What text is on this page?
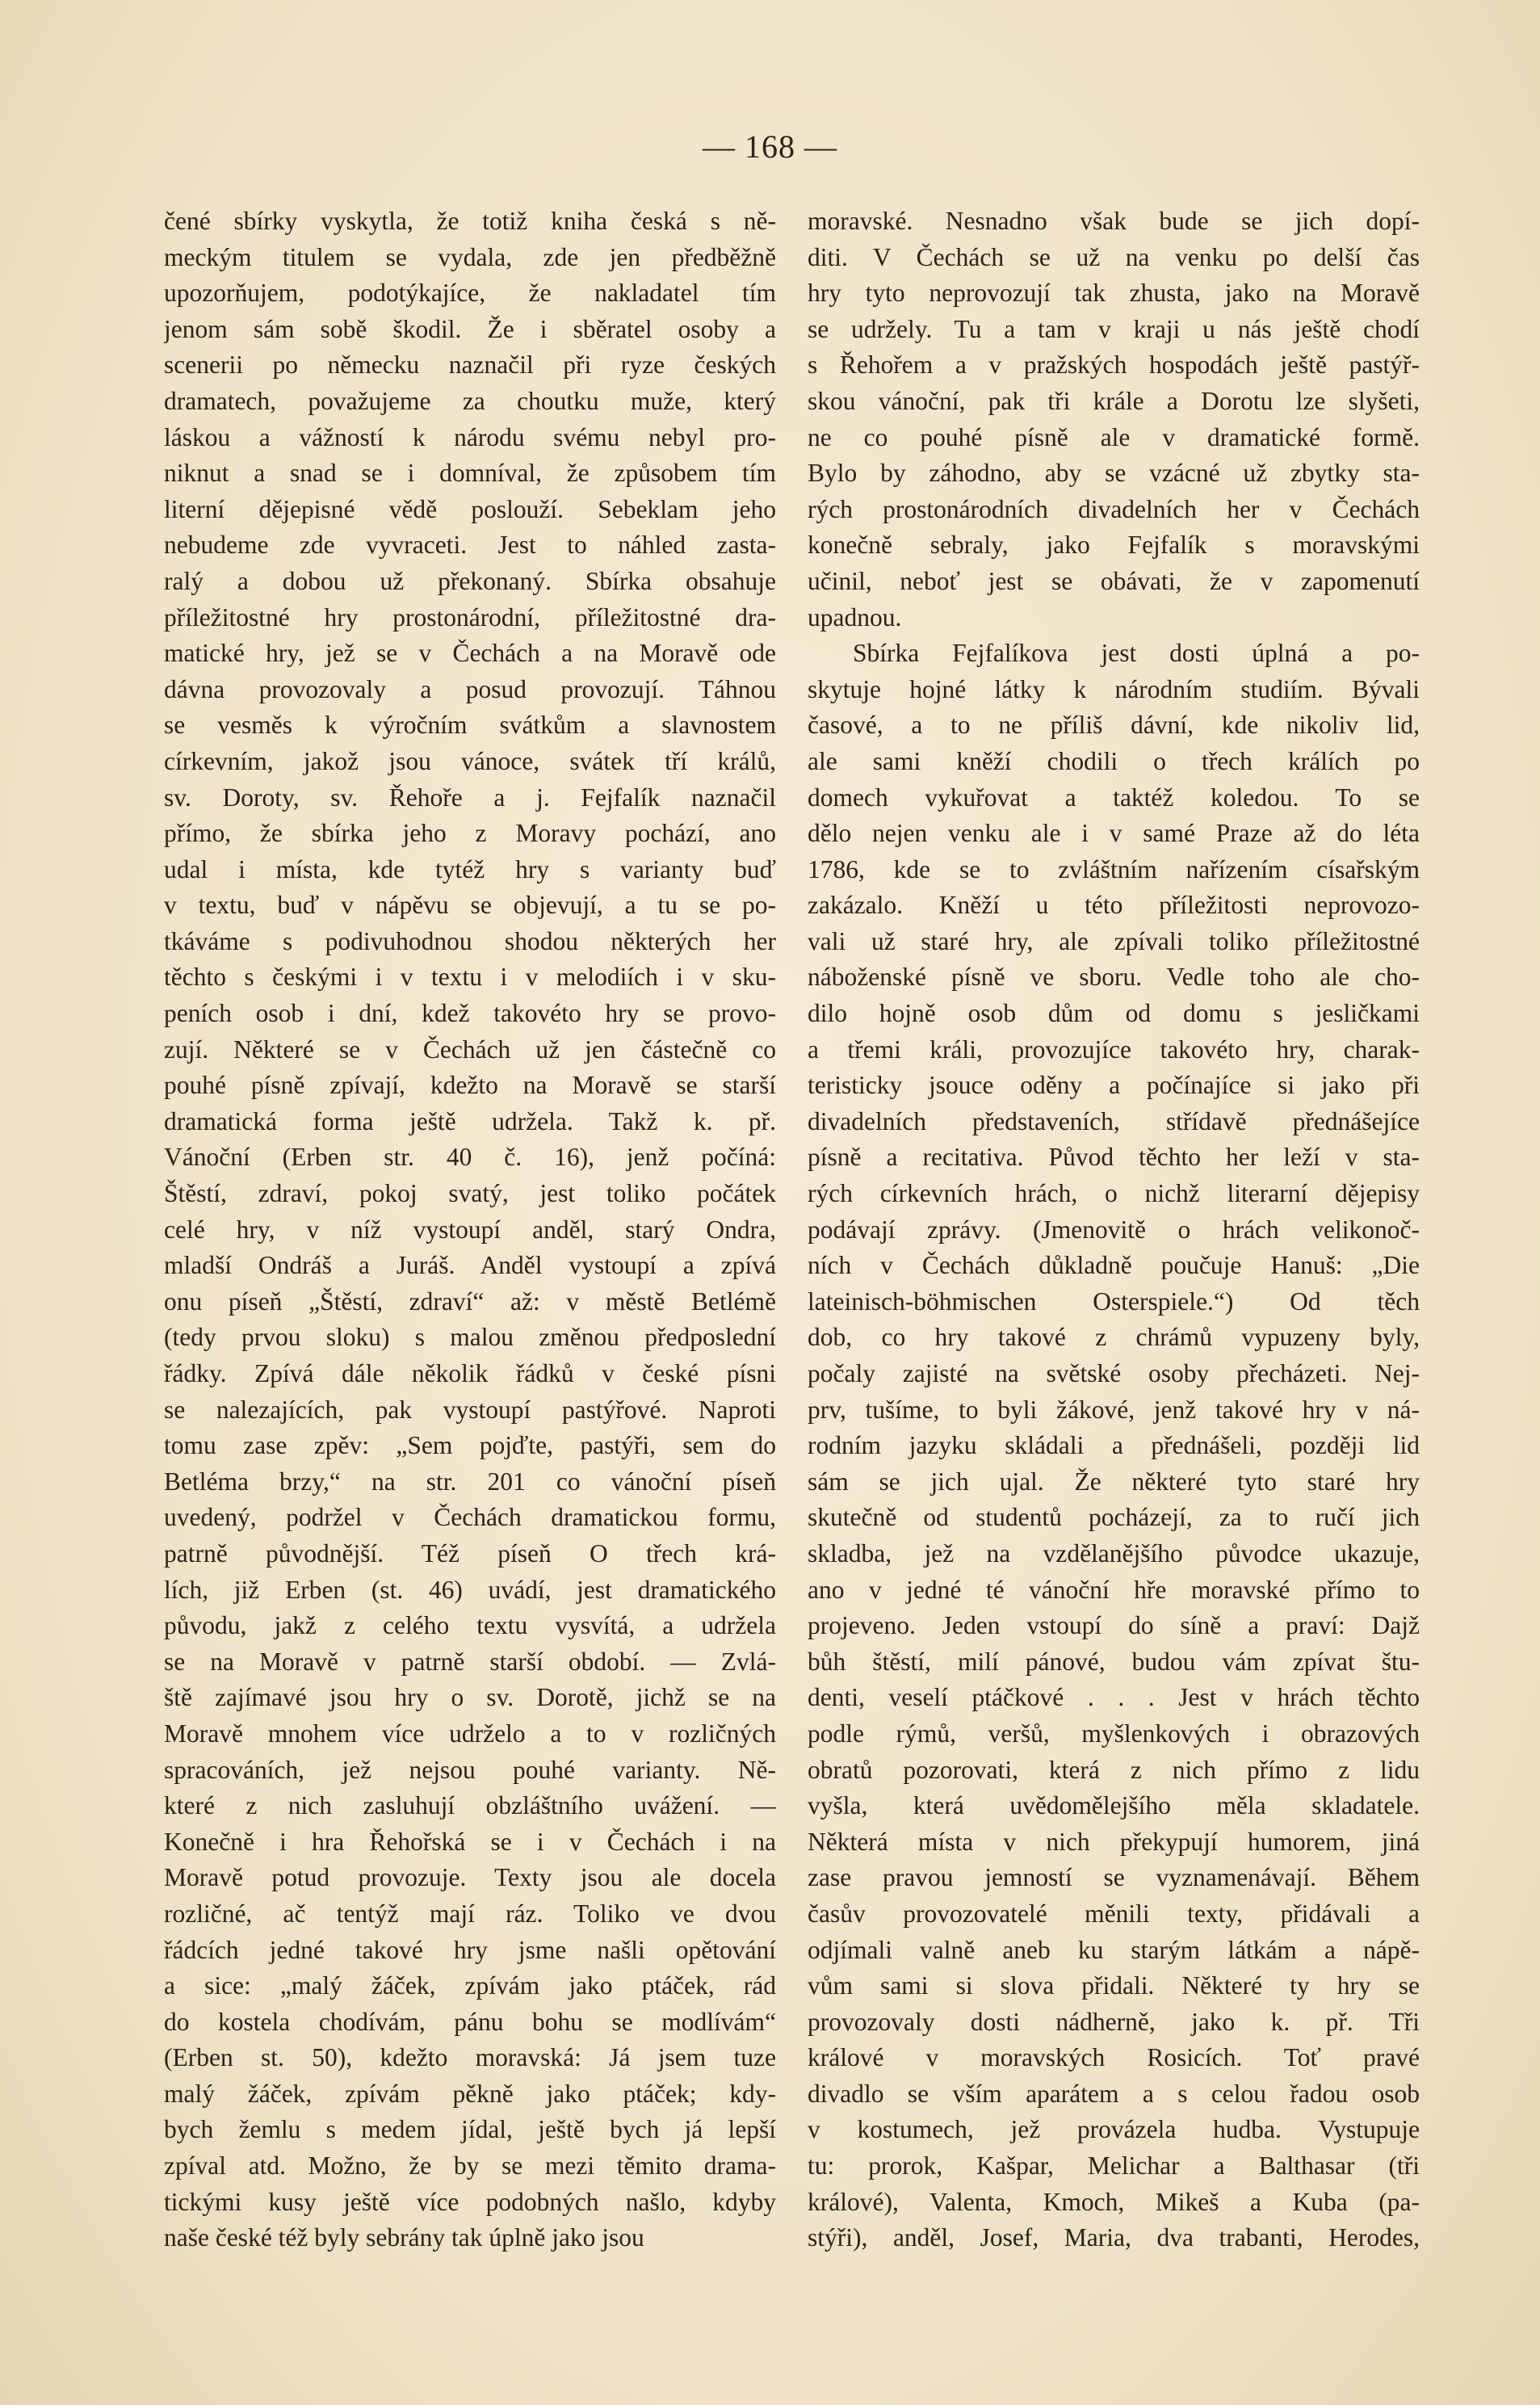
— 168 —
čené sbírky vyskytla, že totiž kniha česká s ně-
meckým titulem se vydala, zde jen předběžně
upozorňujem, podotýkajíce, že nakladatel tím
jenom sám sobě škodil. Že i sběratel osoby a
scenerii po německu naznačil při ryze českých
dramatech, považujeme za choutku muže, který
láskou a vážností k národu svému nebyl pro-
niknut a snad se i domníval, že způsobem tím
literní dějepisné vědě poslouží. Sebeklam jeho
nebudeme zde vyvraceti. Jest to náhled zasta-
ralý a dobou už překonaný. Sbírka obsahuje
příležitostné hry prostonárodní, příležitostné dra-
matické hry, jež se v Čechách a na Moravě ode
dávna provozovaly a posud provozují. Táhnou
se vesměs k výročním svátkům a slavnostem
církevním, jakož jsou vánoce, svátek tří králů,
sv. Doroty, sv. Řehoře a j. Fejfalík naznačil
přímo, že sbírka jeho z Moravy pochází, ano
udal i místa, kde tytéž hry s varianty buď
v textu, buď v nápěvu se objevují, a tu se po-
tkáváme s podivuhodnou shodou některých her
těchto s českými i v textu i v melodiích i v sku-
peních osob i dní, kdež takovéto hry se provo-
zují. Některé se v Čechách už jen částečně co
pouhé písně zpívají, kdežto na Moravě se starší
dramatická forma ještě udržela. Takž k. př.
Vánoční (Erben str. 40 č. 16), jenž počíná:
Štěstí, zdraví, pokoj svatý, jest toliko počátek
celé hry, v níž vystoupí anděl, starý Ondra,
mladší Ondráš a Juráš. Anděl vystoupí a zpívá
onu píseň „Štěstí, zdraví“ až: v městě Betlémě
(tedy prvou sloku) s malou změnou předposlední
řádky. Zpívá dále několik řádků v české písni
se nalezajících, pak vystoupí pastýřové. Naproti
tomu zase zpěv: „Sem pojďte, pastýři, sem do
Betléma brzy,“ na str. 201 co vánoční píseň
uvedený, podržel v Čechách dramatickou formu,
patrně původnější. Též píseň O třech krá-
lích, již Erben (st. 46) uvádí, jest dramatického
původu, jakž z celého textu vysvítá, a udržela
se na Moravě v patrně starší období. — Zvlá-
ště zajímavé jsou hry o sv. Dorotě, jichž se na
Moravě mnohem více udrželo a to v rozličných
spracováních, jež nejsou pouhé varianty. Ně-
které z nich zasluhují obzláštního uvážení. —
Konečně i hra Řehořská se i v Čechách i na
Moravě potud provozuje. Texty jsou ale docela
rozličné, ač tentýž mají ráz. Toliko ve dvou
řádcích jedné takové hry jsme našli opětování
a sice: „malý žáček, zpívám jako ptáček, rád
do kostela chodívám, pánu bohu se modlívám“
(Erben st. 50), kdežto moravská: Já jsem tuze
malý žáček, zpívám pěkně jako ptáček; kdy-
bych žemlu s medem jídal, ještě bych já lepší
zpíval atd. Možno, že by se mezi těmito drama-
tickými kusy ještě více podobných našlo, kdyby
naše české též byly sebrány tak úplně jako jsou
moravské. Nesnadno však bude se jich dopí-
diti. V Čechách se už na venku po delší čas
hry tyto neprovozují tak zhusta, jako na Moravě
se udržely. Tu a tam v kraji u nás ještě chodí
s Řehořem a v pražských hospodách ještě pastýř-
skou vánoční, pak tři krále a Dorotu lze slyšeti,
ne co pouhé písně ale v dramatické formě.
Bylo by záhodno, aby se vzácné už zbytky sta-
rých prostonárodních divadelních her v Čechách
konečně sebraly, jako Fejfalík s moravskými
učinil, neboť jest se obávati, že v zapomenutí
upadnou.
Sbírka Fejfalíkova jest dosti úplná a po-
skytuje hojné látky k národním studiím. Bývali
časové, a to ne příliš dávní, kde nikoliv lid,
ale sami kněží chodili o třech králích po
domech vykuřovat a taktéž koledou. To se
dělo nejen venku ale i v samé Praze až do léta
1786, kde se to zvláštním nařízením císařským
zakázalo. Kněží u této příležitosti neprovozo-
vali už staré hry, ale zpívali toliko příležitostné
náboženské písně ve sboru. Vedle toho ale cho-
dilo hojně osob dům od domu s jesličkami
a třemi králi, provozujíce takovéto hry, charak-
teristicky jsouce oděny a počínajíce si jako při
divadelních představeních, střídavě přednášejíce
písně a recitativa. Původ těchto her leží v sta-
rých církevních hrách, o nichž literarní dějepisy
podávají zprávy. (Jmenovitě o hrách velikonoč-
ních v Čechách důkladně poučuje Hanuš: „Die
lateinisch-böhmischen Osterspiele.“) Od těch
dob, co hry takové z chrámů vypuzeny byly,
počaly zajisté na světské osoby přecházeti. Nej-
prv, tušíme, to byli žákové, jenž takové hry v ná-
rodním jazyku skládali a přednášeli, později lid
sám se jich ujal. Že některé tyto staré hry
skutečně od studentů pocházejí, za to ručí jich
skladba, jež na vzdělanějšího původce ukazuje,
ano v jedné té vánoční hře moravské přímo to
projeveno. Jeden vstoupí do síně a praví: Dajž
bůh štěstí, milí pánové, budou vám zpívat štu-
denti, veselí ptáčkové . . . Jest v hrách těchto
podle rýmů, veršů, myšlenkových i obrazových
obratů pozorovati, která z nich přímo z lidu
vyšla, která uvědomělejšího měla skladatele.
Některá místa v nich překypují humorem, jiná
zase pravou jemností se vyznamenávají. Během
časův provozovatelé měnili texty, přidávali a
odjímali valně aneb ku starým látkám a nápě-
vům sami si slova přidali. Některé ty hry se
provozovaly dosti nádherně, jako k. př. Tři
králové v moravských Rosicích. Toť pravé
divadlo se vším aparátem a s celou řadou osob
v kostumech, jež provázela hudba. Vystupuje
tu: prorok, Kašpar, Melichar a Balthasar (tři
králové), Valenta, Kmoch, Mikeš a Kuba (pa-
stýři), anděl, Josef, Maria, dva trabanti, Herodes,
